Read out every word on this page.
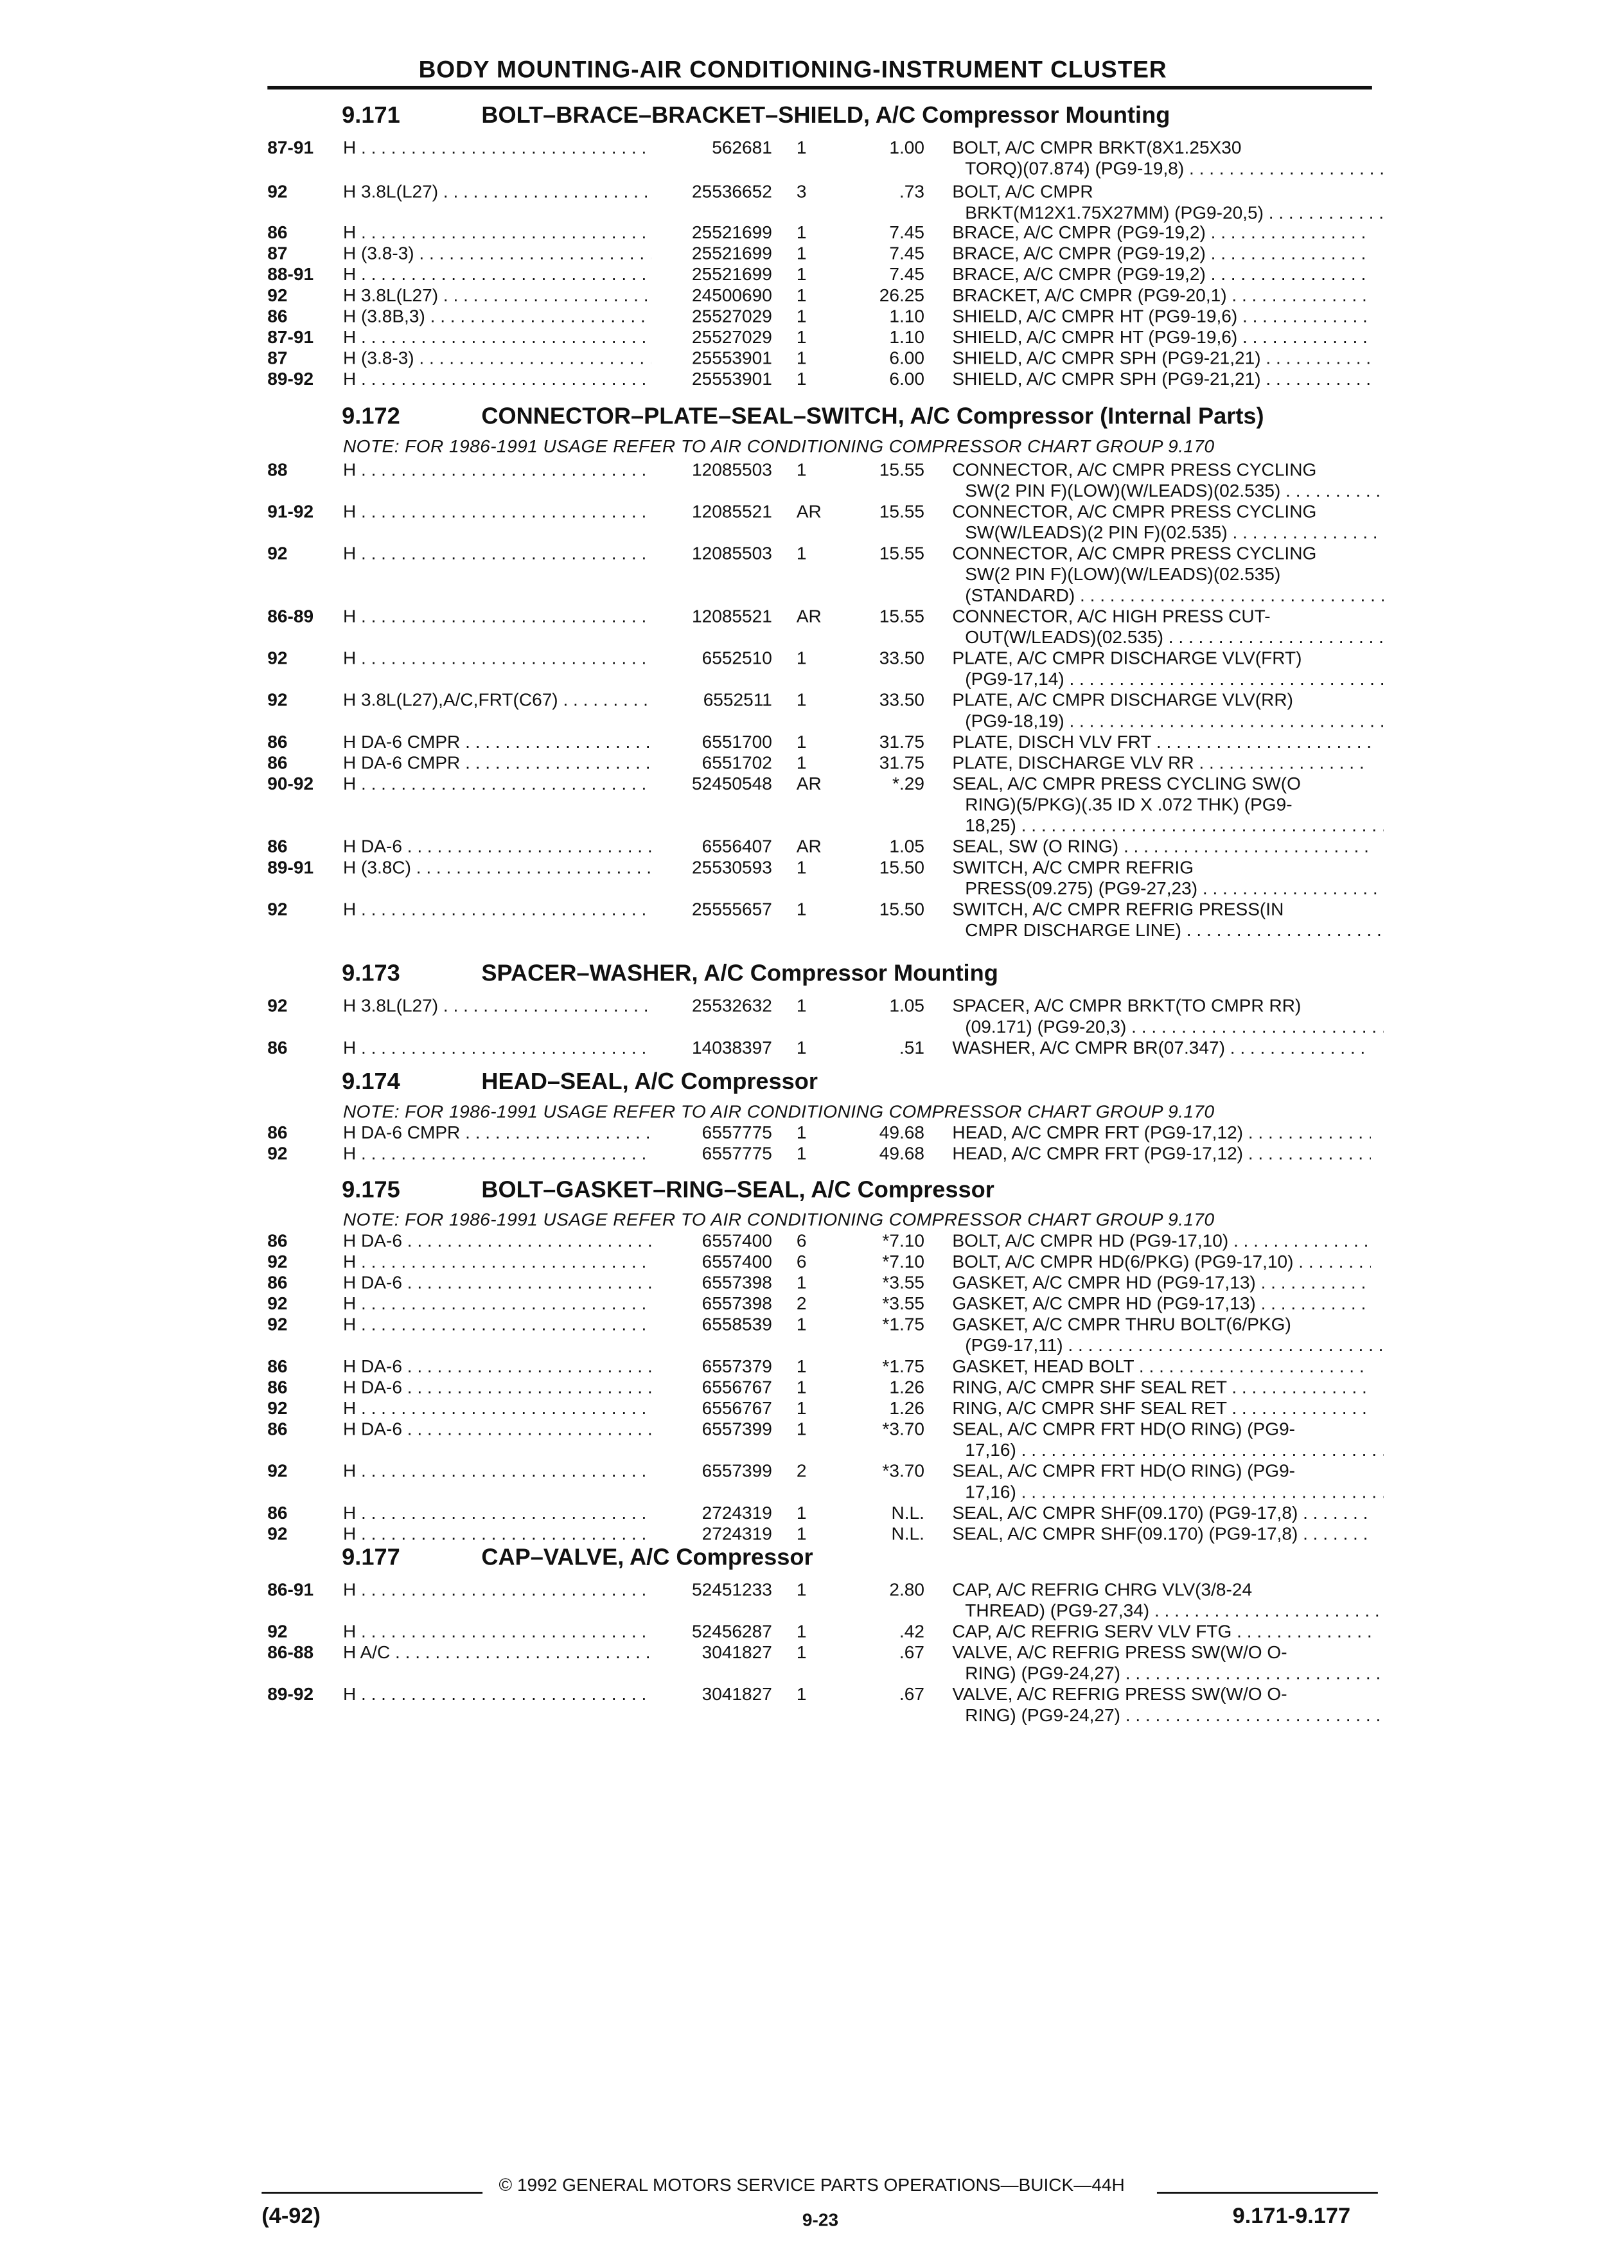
BODY MOUNTING-AIR CONDITIONING-INSTRUMENT CLUSTER
9.171	BOLT–BRACE–BRACKET–SHIELD, A/C Compressor Mounting
9.172	CONNECTOR–PLATE–SEAL–SWITCH, A/C Compressor (Internal Parts)
NOTE: FOR 1986-1991 USAGE REFER TO AIR CONDITIONING COMPRESSOR CHART GROUP 9.170
9.173	SPACER–WASHER, A/C Compressor Mounting
9.174	HEAD–SEAL, A/C Compressor
NOTE: FOR 1986-1991 USAGE REFER TO AIR CONDITIONING COMPRESSOR CHART GROUP 9.170
9.175	BOLT–GASKET–RING–SEAL, A/C Compressor
NOTE: FOR 1986-1991 USAGE REFER TO AIR CONDITIONING COMPRESSOR CHART GROUP 9.170
9.177	CAP–VALVE, A/C Compressor
87-91 H . . .	562681 1	1.00 BOLT, A/C CMPR BRKT(8X1.25X30
TORQ)(07.874) (PG9-19,8) . . .
92	H 3.8L(L27) . . .	25536652 3	.73 BOLT, A/C CMPR
BRKT(M12X1.75X27MM) (PG9-20,5) . . .
86	H . . .	25521699 1	7.45 BRACE, A/C CMPR (PG9-19,2) . . .
87	H (3.8-3) . . .	25521699 1	7.45 BRACE, A/C CMPR (PG9-19,2) . . .
88-91 H . . .	25521699 1	7.45 BRACE, A/C CMPR (PG9-19,2) . . .
92	H 3.8L(L27) . . .	24500690 1	26.25 BRACKET, A/C CMPR (PG9-20,1) . . .
86	H (3.8B,3) . . .	25527029 1	1.10 SHIELD, A/C CMPR HT (PG9-19,6) . . .
87-91 H . . .	25527029 1	1.10 SHIELD, A/C CMPR HT (PG9-19,6) . . .
87	H (3.8-3) . . .	25553901 1	6.00 SHIELD, A/C CMPR SPH (PG9-21,21) . . .
89-92 H . . .	25553901 1	6.00 SHIELD, A/C CMPR SPH (PG9-21,21) . . .
88	H . . .	12085503 1	15.55 CONNECTOR, A/C CMPR PRESS CYCLING
SW(2 PIN F)(LOW)(W/LEADS)(02.535) . . .
91-92 H . . .	12085521 AR	15.55 CONNECTOR, A/C CMPR PRESS CYCLING
SW(W/LEADS)(2 PIN F)(02.535) . . .
92	H . . .	12085503 1	15.55 CONNECTOR, A/C CMPR PRESS CYCLING
SW(2 PIN F)(LOW)(W/LEADS)(02.535)
(STANDARD) . . .
86-89 H . . .	12085521 AR	15.55 CONNECTOR, A/C HIGH PRESS CUT-
OUT(W/LEADS)(02.535) . . .
92	H . . .	6552510 1	33.50 PLATE, A/C CMPR DISCHARGE VLV(FRT)
(PG9-17,14) . . .
92	H 3.8L(L27),A/C,FRT(C67) . . .	6552511 1	33.50 PLATE, A/C CMPR DISCHARGE VLV(RR)
(PG9-18,19) . . .
86	H DA-6 CMPR . . .	6551700 1	31.75 PLATE, DISCH VLV FRT . . .
86	H DA-6 CMPR . . .	6551702 1	31.75 PLATE, DISCHARGE VLV RR . . .
90-92 H . . .	52450548 AR	*.29 SEAL, A/C CMPR PRESS CYCLING SW(O
RING)(5/PKG)(.35 ID X .072 THK) (PG9-
18,25) . . .
86	H DA-6 . . .	6556407 AR	1.05 SEAL, SW (O RING) . . .
89-91 H (3.8C) . . .	25530593 1	15.50 SWITCH, A/C CMPR REFRIG
PRESS(09.275) (PG9-27,23) . . .
92	H . . .	25555657 1	15.50 SWITCH, A/C CMPR REFRIG PRESS(IN
CMPR DISCHARGE LINE) . . .
92	H 3.8L(L27) . . .	25532632 1	1.05 SPACER, A/C CMPR BRKT(TO CMPR RR)
(09.171) (PG9-20,3) . . .
86	H . . .	14038397 1	.51 WASHER, A/C CMPR BR(07.347) . . .
86	H DA-6 CMPR . . .	6557775 1	49.68 HEAD, A/C CMPR FRT (PG9-17,12) . . .
92	H . . .	6557775 1	49.68 HEAD, A/C CMPR FRT (PG9-17,12) . . .
86	H DA-6 . . .	6557400 6	*7.10 BOLT, A/C CMPR HD (PG9-17,10) . . .
92	H . . .	6557400 6	*7.10 BOLT, A/C CMPR HD(6/PKG) (PG9-17,10) . . .
86	H DA-6 . . .	6557398 1	*3.55 GASKET, A/C CMPR HD (PG9-17,13) . . .
92	H . . .	6557398 2	*3.55 GASKET, A/C CMPR HD (PG9-17,13) . . .
92	H . . .	6558539 1	*1.75 GASKET, A/C CMPR THRU BOLT(6/PKG)
(PG9-17,11) . . .
86	H DA-6 . . .	6557379 1	*1.75 GASKET, HEAD BOLT . . .
86	H DA-6 . . .	6556767 1	1.26 RING, A/C CMPR SHF SEAL RET . . .
92	H . . .	6556767 1	1.26 RING, A/C CMPR SHF SEAL RET . . .
86	H DA-6 . . .	6557399 1	*3.70 SEAL, A/C CMPR FRT HD(O RING) (PG9-
17,16) . . .
92	H . . .	6557399 2	*3.70 SEAL, A/C CMPR FRT HD(O RING) (PG9-
17,16) . . .
86	H . . .	2724319 1	N.L. SEAL, A/C CMPR SHF(09.170) (PG9-17,8) . . .
92	H . . .	2724319 1	N.L. SEAL, A/C CMPR SHF(09.170) (PG9-17,8) . . .
86-91 H . . .	52451233 1	2.80 CAP, A/C REFRIG CHRG VLV(3/8-24
THREAD) (PG9-27,34) . . .
92	H . . .	52456287 1	.42 CAP, A/C REFRIG SERV VLV FTG . . .
86-88 H A/C . . .	3041827 1	.67 VALVE, A/C REFRIG PRESS SW(W/O O-
RING) (PG9-24,27) . . .
89-92 H . . .	3041827 1	.67 VALVE, A/C REFRIG PRESS SW(W/O O-
RING) (PG9-24,27) . . .
© 1992 GENERAL MOTORS SERVICE PARTS OPERATIONS—BUICK—44H
(4-92)	9-23	9.171-9.177
